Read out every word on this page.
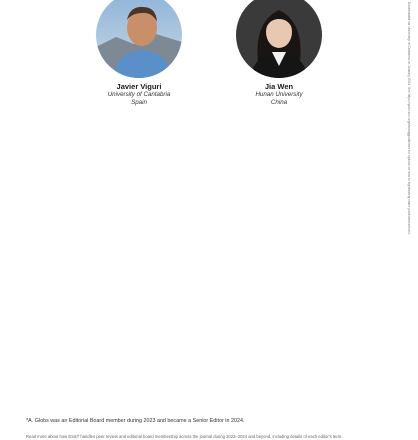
Javier Viguri
University of Cantabria
Spain
Jia Wen
Hunan University
China	Downloaded via University of Cantabria on January 2024. See https://pubs.acs.org/sharingguidelines for options on how to legitimately share published articles.
*A. Globs was an Editorial Board member during 2023 and became a Senior Editor in 2024.
Read more about how ES&T handles peer review and editorial board membership across the journal during 2023–2024 and beyond, including details of each editor's term.
